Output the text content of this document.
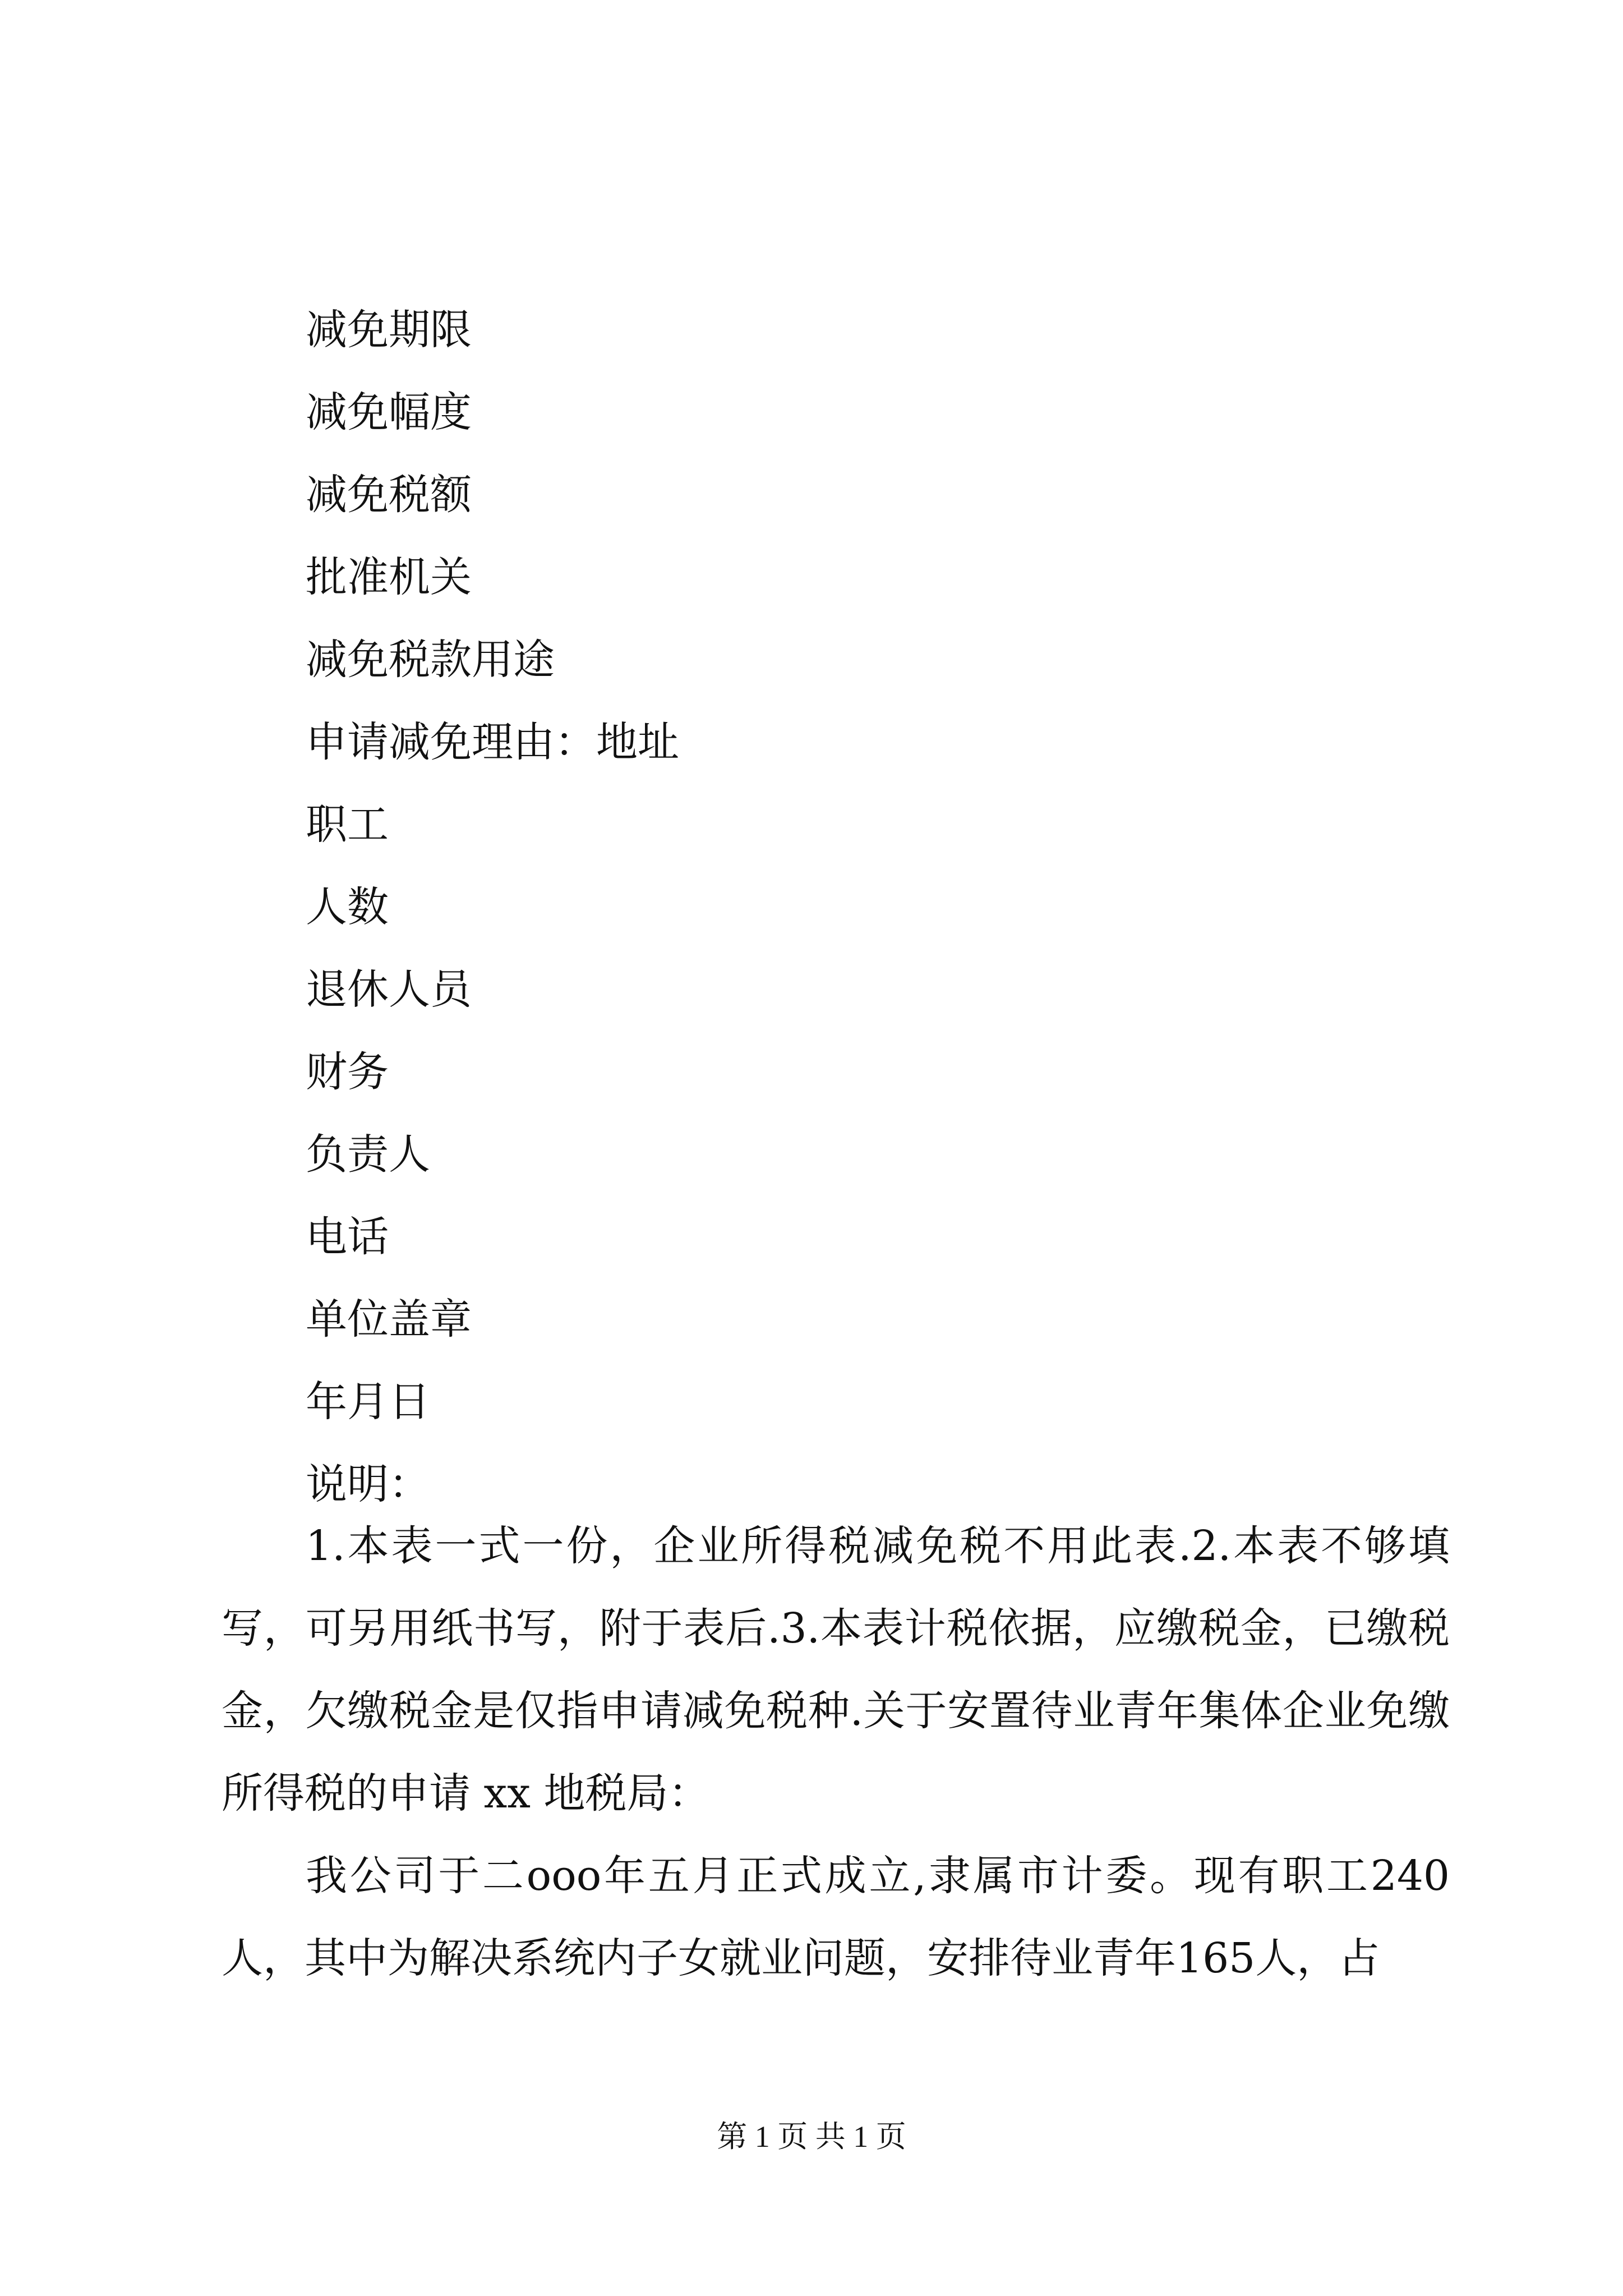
减免期限
减免幅度
减免税额
批准机关
减免税款用途
申请减免理由：地址
职工
人数
退休人员
财务
负责人
电话
单位盖章
年月日
说明：

1.本表一式一份，企业所得税减免税不用此表.2.本表不够填写，可另用纸书写，附于表后.3.本表计税依据，应缴税金，已缴税金，欠缴税金是仅指申请减免税种.关于安置待业青年集体企业免缴所得税的申请 xx 地税局：

我公司于二ooo年五月正式成立,隶属市计委。现有职工240人，其中为解决系统内子女就业问题，安排待业青年165人，占

第 1 页 共 1 页
